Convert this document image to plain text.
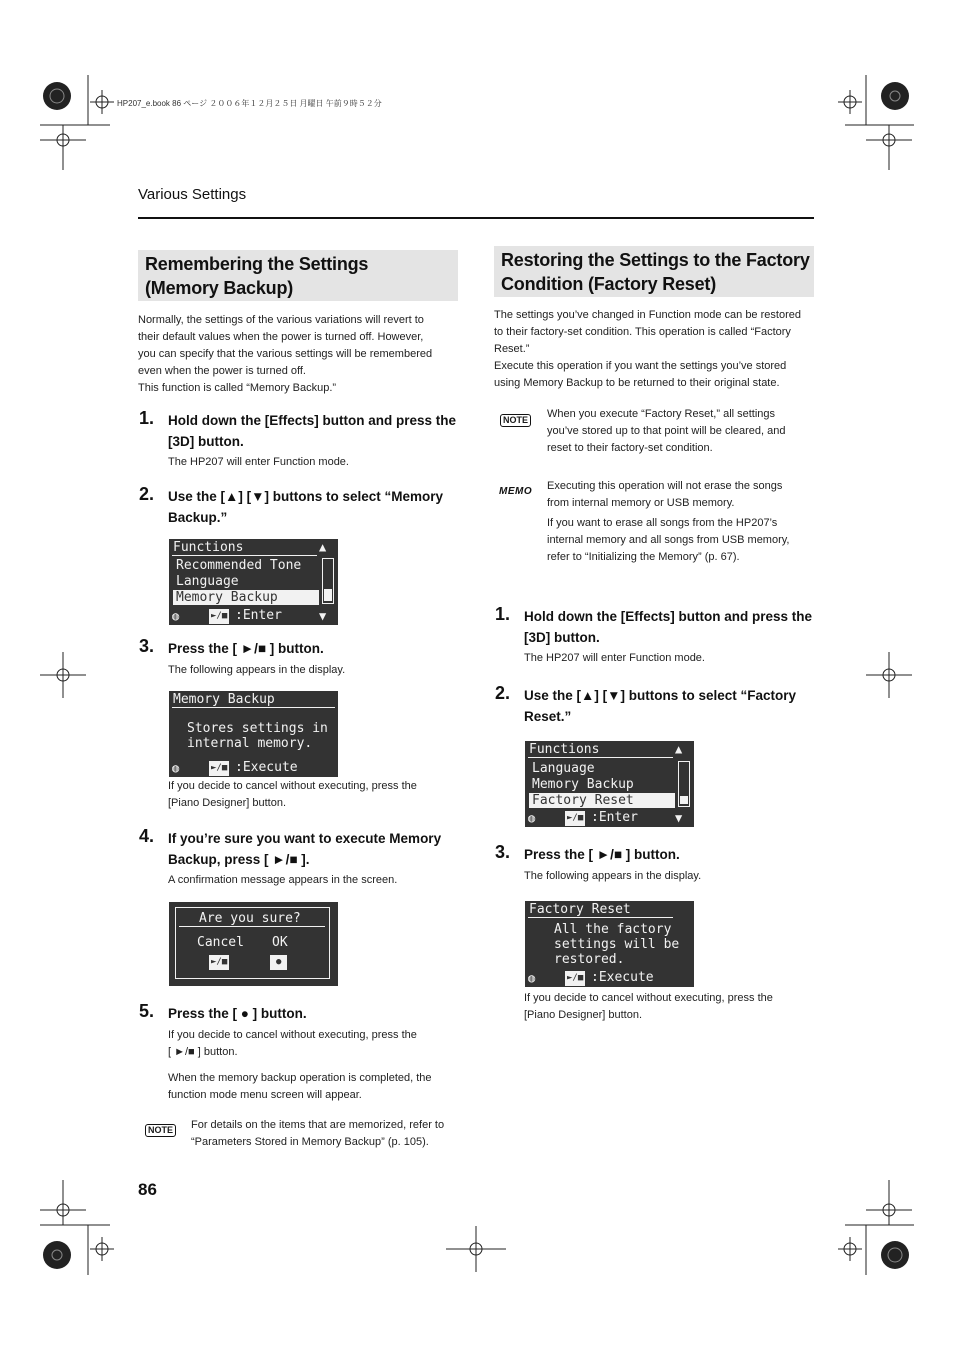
HP207_e.book 86 ページ ２００６年１２月２５日 月曜日 午前９時５２分
Various Settings
Remembering the Settings
(Memory Backup)
Normally, the settings of the various variations will revert to
their default values when the power is turned off. However,
you can specify that the various settings will be remembered
even when the power is turned off.
This function is called “Memory Backup.”
1. Hold down the [Effects] button and press the
[3D] button.
The HP207 will enter Function mode.
2. Use the [▲] [▼] buttons to select “Memory
Backup.”
Functions
Recommended Tone
Language
Memory Backup
▲
▼
◍	►/■ :Enter
3. Press the [ ►/■ ] button.
The following appears in the display.
Memory Backup
Stores settings in
internal memory.
◍	►/■ :Execute
If you decide to cancel without executing, press the
[Piano Designer] button.
4. If you’re sure you want to execute Memory
Backup, press [ ►/■ ].
A confirmation message appears in the screen.
Are you sure?
Cancel OK
►/■	●
5. Press the [ ● ] button.
If you decide to cancel without executing, press the
[ ►/■ ] button.
When the memory backup operation is completed, the
function mode menu screen will appear.
NOTE For details on the items that are memorized, refer to
“Parameters Stored in Memory Backup” (p. 105).
Restoring the Settings to the Factory
Condition (Factory Reset)
The settings you’ve changed in Function mode can be restored
to their factory-set condition. This operation is called “Factory
Reset.”
Execute this operation if you want the settings you’ve stored
using Memory Backup to be returned to their original state.
NOTE When you execute “Factory Reset,” all settings
you’ve stored up to that point will be cleared, and
reset to their factory-set condition.
MEMO Executing this operation will not erase the songs
from internal memory or USB memory.
If you want to erase all songs from the HP207’s
internal memory and all songs from USB memory,
refer to “Initializing the Memory” (p. 67).
1. Hold down the [Effects] button and press the
[3D] button.
The HP207 will enter Function mode.
2. Use the [▲] [▼] buttons to select “Factory
Reset.”
Functions
Language
Memory Backup
Factory Reset
▲
▼
◍	►/■ :Enter
3. Press the [ ►/■ ] button.
The following appears in the display.
Factory Reset
All the factory
settings will be
restored.
◍	►/■ :Execute
If you decide to cancel without executing, press the
[Piano Designer] button.
86
